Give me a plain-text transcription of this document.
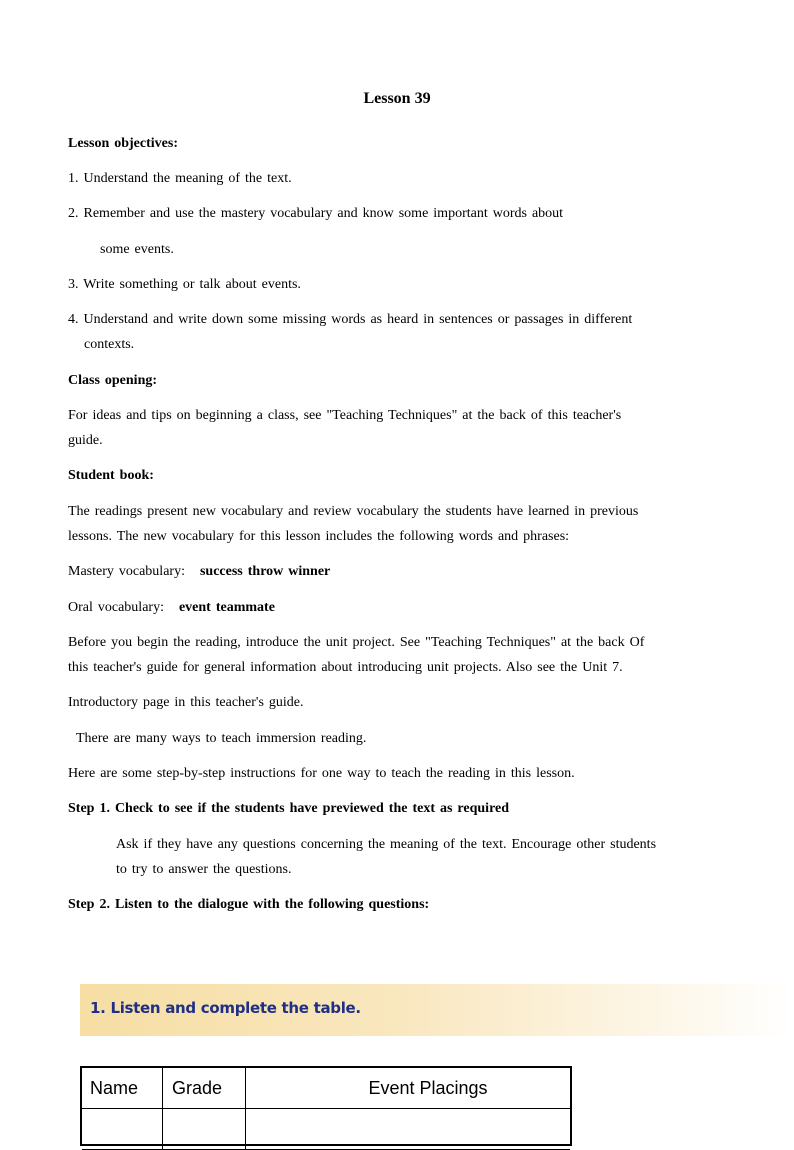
Lesson 39
Lesson objectives:
1. Understand the meaning of the text.
2. Remember and use the mastery vocabulary and know some important words about
some events.
3. Write something or talk about events.
4. Understand and write down some missing words as heard in sentences or passages in different
contexts.
Class opening:
For ideas and tips on beginning a class, see "Teaching Techniques" at the back of this teacher's
guide.
Student book:
The readings present new vocabulary and review vocabulary the students have learned in previous
lessons. The new vocabulary for this lesson includes the following words and phrases:
Mastery vocabulary: success throw winner
Oral vocabulary: event teammate
Before you begin the reading, introduce the unit project. See "Teaching Techniques" at the back Of
this teacher's guide for general information about introducing unit projects. Also see the Unit 7.
Introductory page in this teacher's guide.
There are many ways to teach immersion reading.
Here are some step-by-step instructions for one way to teach the reading in this lesson.
Step 1. Check to see if the students have previewed the text as required
Ask if they have any questions concerning the meaning of the text. Encourage other students
to try to answer the questions.
Step 2. Listen to the dialogue with the following questions:
1. Listen and complete the table.
Name	Grade	Event Placings
